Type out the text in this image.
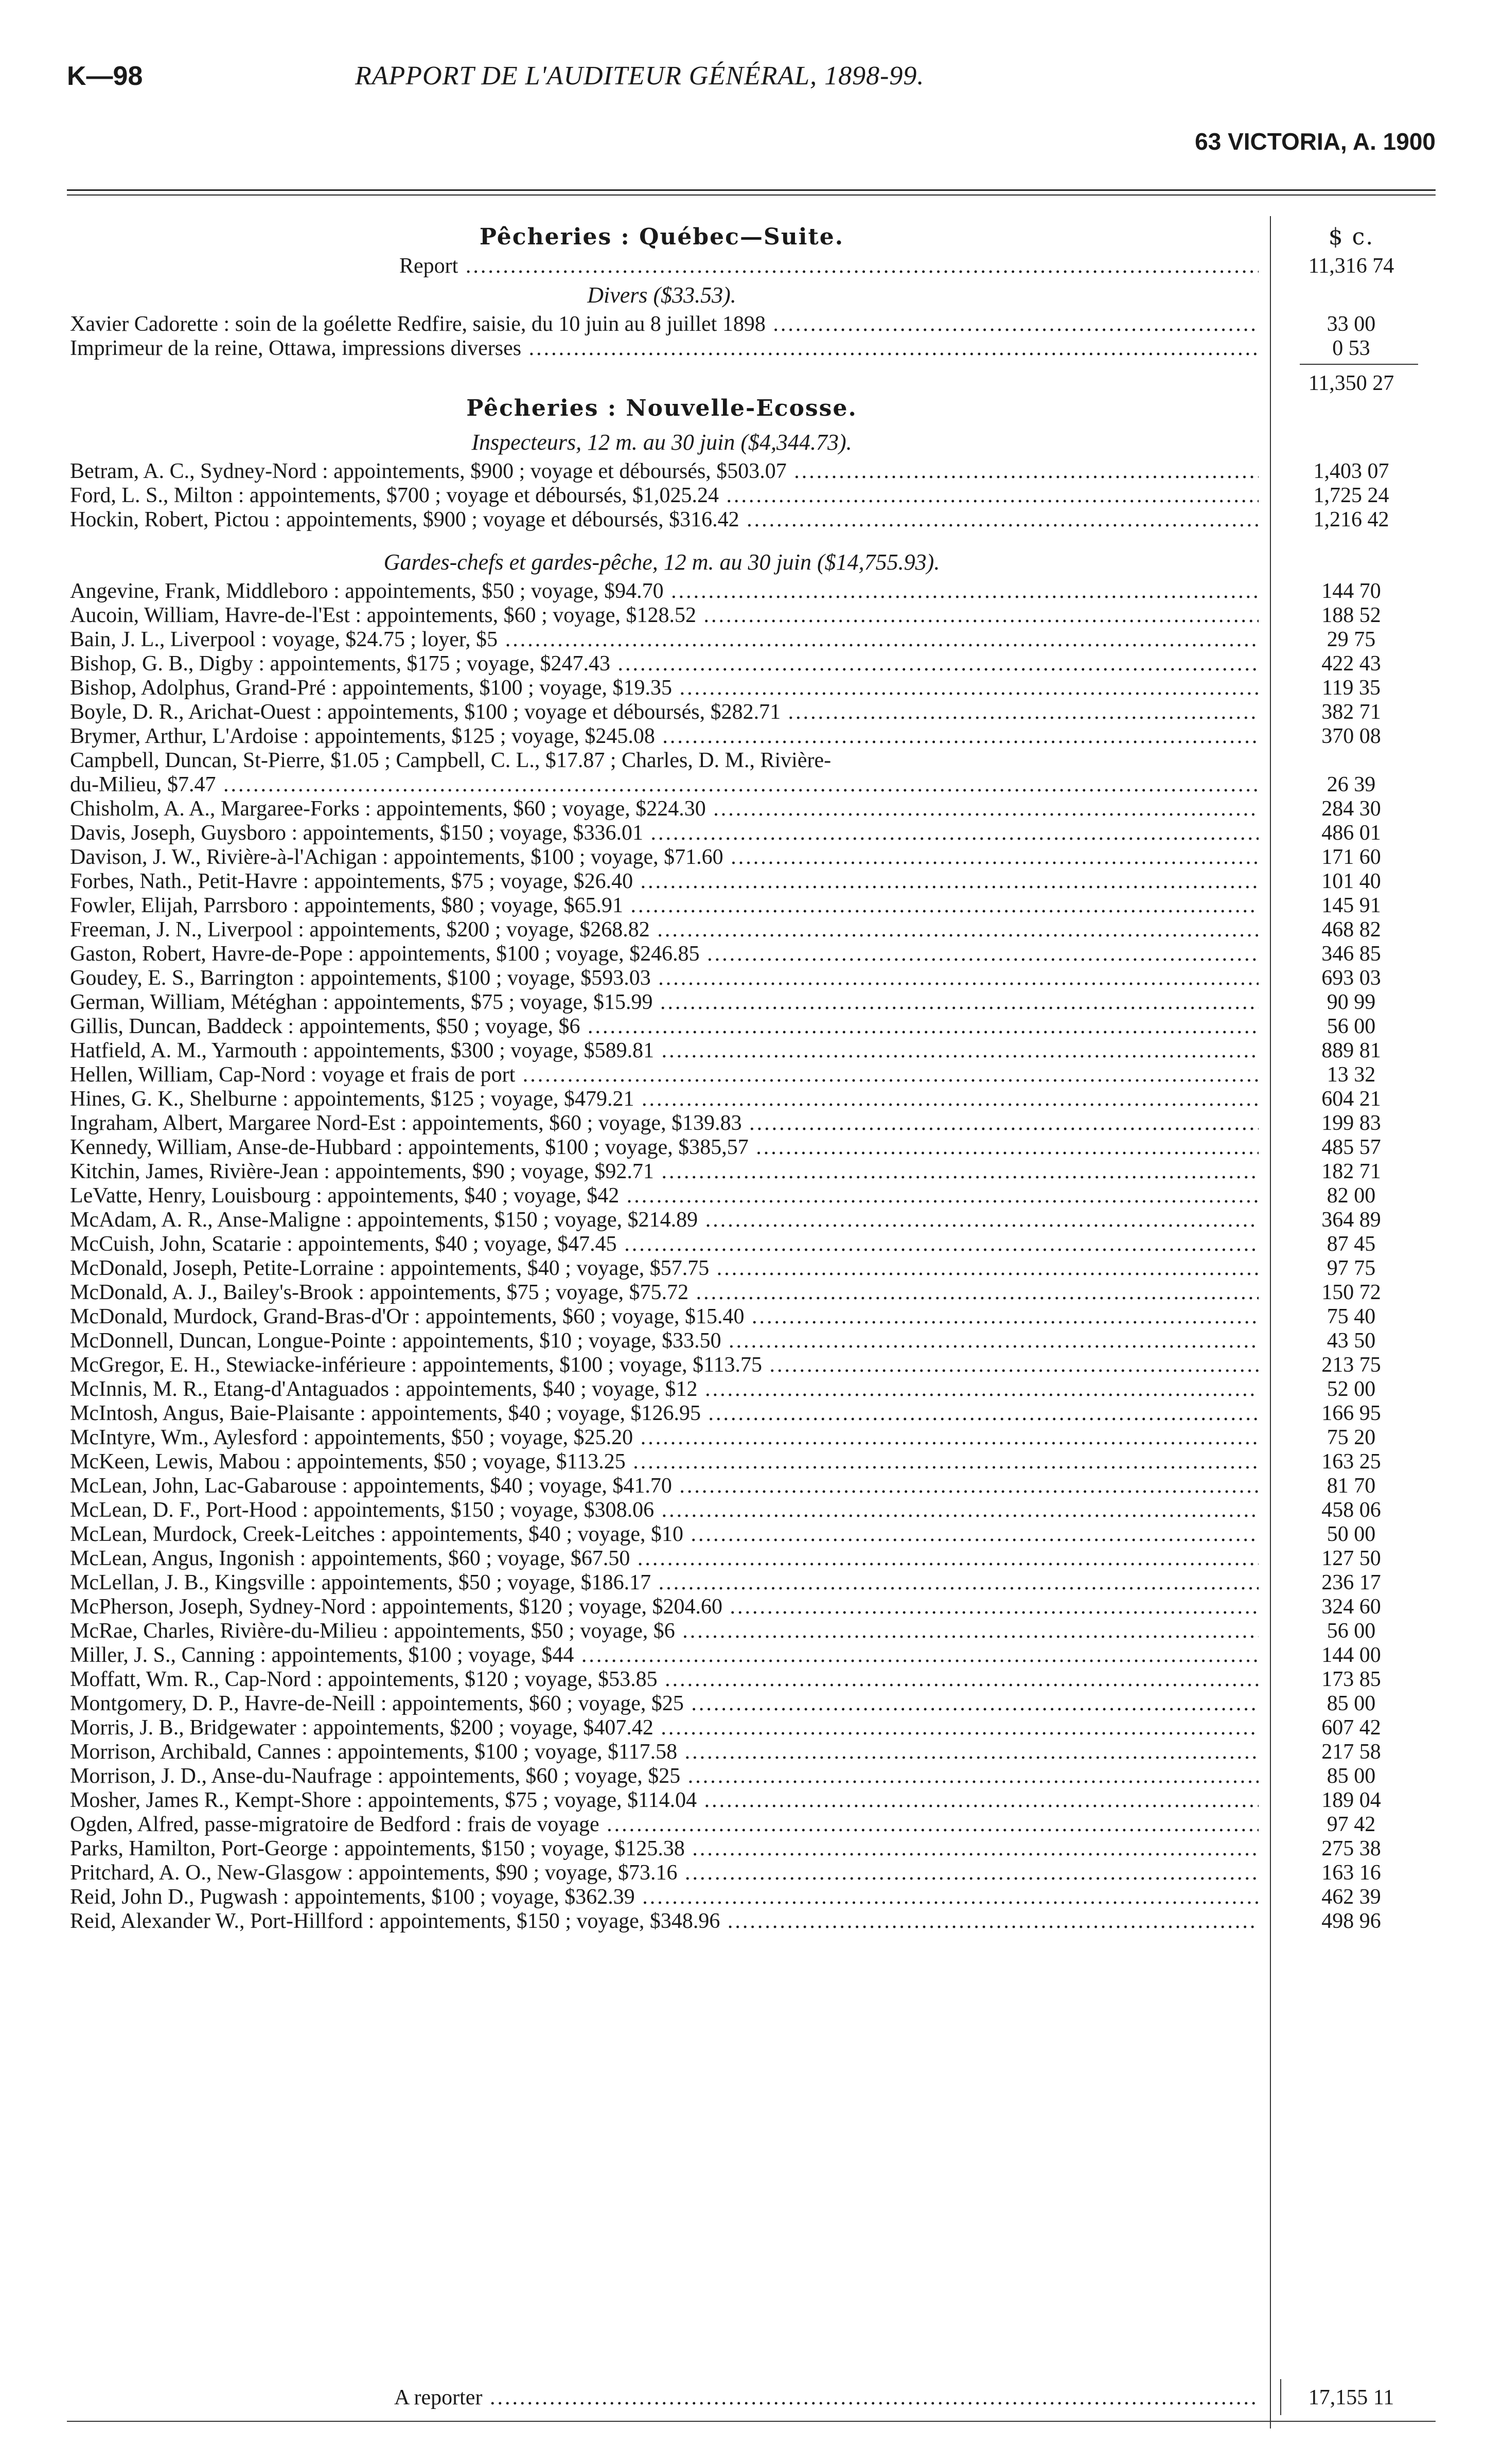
K—98	RAPPORT DE L'AUDITEUR GÉNÉRAL, 1898-99.
63 VICTORIA, A. 1900
Pêcheries : Québec—Suite.	$ c.
Report .....	11,316 74
Divers ($33.53).
Xavier Cadorette : soin de la goélette Redfire, saisie, du 10 juin au 8 juillet 1898 .....	33 00
Imprimeur de la reine, Ottawa, impressions diverses .....	0 53
11,350 27
Pêcheries : Nouvelle-Ecosse.
Inspecteurs, 12 m. au 30 juin ($4,344.73).
Betram, A. C., Sydney-Nord : appointements, $900 ; voyage et déboursés, $503.07 .....	1,403 07
Ford, L. S., Milton : appointements, $700 ; voyage et déboursés, $1,025.24 .....	1,725 24
Hockin, Robert, Pictou : appointements, $900 ; voyage et déboursés, $316.42 .....	1,216 42
Gardes-chefs et gardes-pêche, 12 m. au 30 juin ($14,755.93).
Angevine, Frank, Middleboro : appointements, $50 ; voyage, $94.70 .....	144 70
Aucoin, William, Havre-de-l'Est : appointements, $60 ; voyage, $128.52 .....	188 52
Bain, J. L., Liverpool : voyage, $24.75 ; loyer, $5 .....	29 75
Bishop, G. B., Digby : appointements, $175 ; voyage, $247.43 .....	422 43
Bishop, Adolphus, Grand-Pré : appointements, $100 ; voyage, $19.35 .....	119 35
Boyle, D. R., Arichat-Ouest : appointements, $100 ; voyage et déboursés, $282.71 .....	382 71
Brymer, Arthur, L'Ardoise : appointements, $125 ; voyage, $245.08 .....	370 08
Campbell, Duncan, St-Pierre, $1.05 ; Campbell, C. L., $17.87 ; Charles, D. M., Rivière-
du-Milieu, $7.47 .....	26 39
Chisholm, A. A., Margaree-Forks : appointements, $60 ; voyage, $224.30 .....	284 30
Davis, Joseph, Guysboro : appointements, $150 ; voyage, $336.01 .....	486 01
Davison, J. W., Rivière-à-l'Achigan : appointements, $100 ; voyage, $71.60 .....	171 60
Forbes, Nath., Petit-Havre : appointements, $75 ; voyage, $26.40 .....	101 40
Fowler, Elijah, Parrsboro : appointements, $80 ; voyage, $65.91 .....	145 91
Freeman, J. N., Liverpool : appointements, $200 ; voyage, $268.82 .....	468 82
Gaston, Robert, Havre-de-Pope : appointements, $100 ; voyage, $246.85 .....	346 85
Goudey, E. S., Barrington : appointements, $100 ; voyage, $593.03 .....	693 03
German, William, Météghan : appointements, $75 ; voyage, $15.99 .....	90 99
Gillis, Duncan, Baddeck : appointements, $50 ; voyage, $6 .....	56 00
Hatfield, A. M., Yarmouth : appointements, $300 ; voyage, $589.81 .....	889 81
Hellen, William, Cap-Nord : voyage et frais de port .....	13 32
Hines, G. K., Shelburne : appointements, $125 ; voyage, $479.21 .....	604 21
Ingraham, Albert, Margaree Nord-Est : appointements, $60 ; voyage, $139.83 .....	199 83
Kennedy, William, Anse-de-Hubbard : appointements, $100 ; voyage, $385,57 .....	485 57
Kitchin, James, Rivière-Jean : appointements, $90 ; voyage, $92.71 .....	182 71
LeVatte, Henry, Louisbourg : appointements, $40 ; voyage, $42 .....	82 00
McAdam, A. R., Anse-Maligne : appointements, $150 ; voyage, $214.89 .....	364 89
McCuish, John, Scatarie : appointements, $40 ; voyage, $47.45 .....	87 45
McDonald, Joseph, Petite-Lorraine : appointements, $40 ; voyage, $57.75 .....	97 75
McDonald, A. J., Bailey's-Brook : appointements, $75 ; voyage, $75.72 .....	150 72
McDonald, Murdock, Grand-Bras-d'Or : appointements, $60 ; voyage, $15.40 .....	75 40
McDonnell, Duncan, Longue-Pointe : appointements, $10 ; voyage, $33.50 .....	43 50
McGregor, E. H., Stewiacke-inférieure : appointements, $100 ; voyage, $113.75 .....	213 75
McInnis, M. R., Etang-d'Antaguados : appointements, $40 ; voyage, $12 .....	52 00
McIntosh, Angus, Baie-Plaisante : appointements, $40 ; voyage, $126.95 .....	166 95
McIntyre, Wm., Aylesford : appointements, $50 ; voyage, $25.20 .....	75 20
McKeen, Lewis, Mabou : appointements, $50 ; voyage, $113.25 .....	163 25
McLean, John, Lac-Gabarouse : appointements, $40 ; voyage, $41.70 .....	81 70
McLean, D. F., Port-Hood : appointements, $150 ; voyage, $308.06 .....	458 06
McLean, Murdock, Creek-Leitches : appointements, $40 ; voyage, $10 .....	50 00
McLean, Angus, Ingonish : appointements, $60 ; voyage, $67.50 .....	127 50
McLellan, J. B., Kingsville : appointements, $50 ; voyage, $186.17 .....	236 17
McPherson, Joseph, Sydney-Nord : appointements, $120 ; voyage, $204.60 .....	324 60
McRae, Charles, Rivière-du-Milieu : appointements, $50 ; voyage, $6 .....	56 00
Miller, J. S., Canning : appointements, $100 ; voyage, $44 .....	144 00
Moffatt, Wm. R., Cap-Nord : appointements, $120 ; voyage, $53.85 .....	173 85
Montgomery, D. P., Havre-de-Neill : appointements, $60 ; voyage, $25 .....	85 00
Morris, J. B., Bridgewater : appointements, $200 ; voyage, $407.42 .....	607 42
Morrison, Archibald, Cannes : appointements, $100 ; voyage, $117.58 .....	217 58
Morrison, J. D., Anse-du-Naufrage : appointements, $60 ; voyage, $25 .....	85 00
Mosher, James R., Kempt-Shore : appointements, $75 ; voyage, $114.04 .....	189 04
Ogden, Alfred, passe-migratoire de Bedford : frais de voyage .....	97 42
Parks, Hamilton, Port-George : appointements, $150 ; voyage, $125.38 .....	275 38
Pritchard, A. O., New-Glasgow : appointements, $90 ; voyage, $73.16 .....	163 16
Reid, John D., Pugwash : appointements, $100 ; voyage, $362.39 .....	462 39
Reid, Alexander W., Port-Hillford : appointements, $150 ; voyage, $348.96 .....	498 96
A reporter .....	17,155 11
